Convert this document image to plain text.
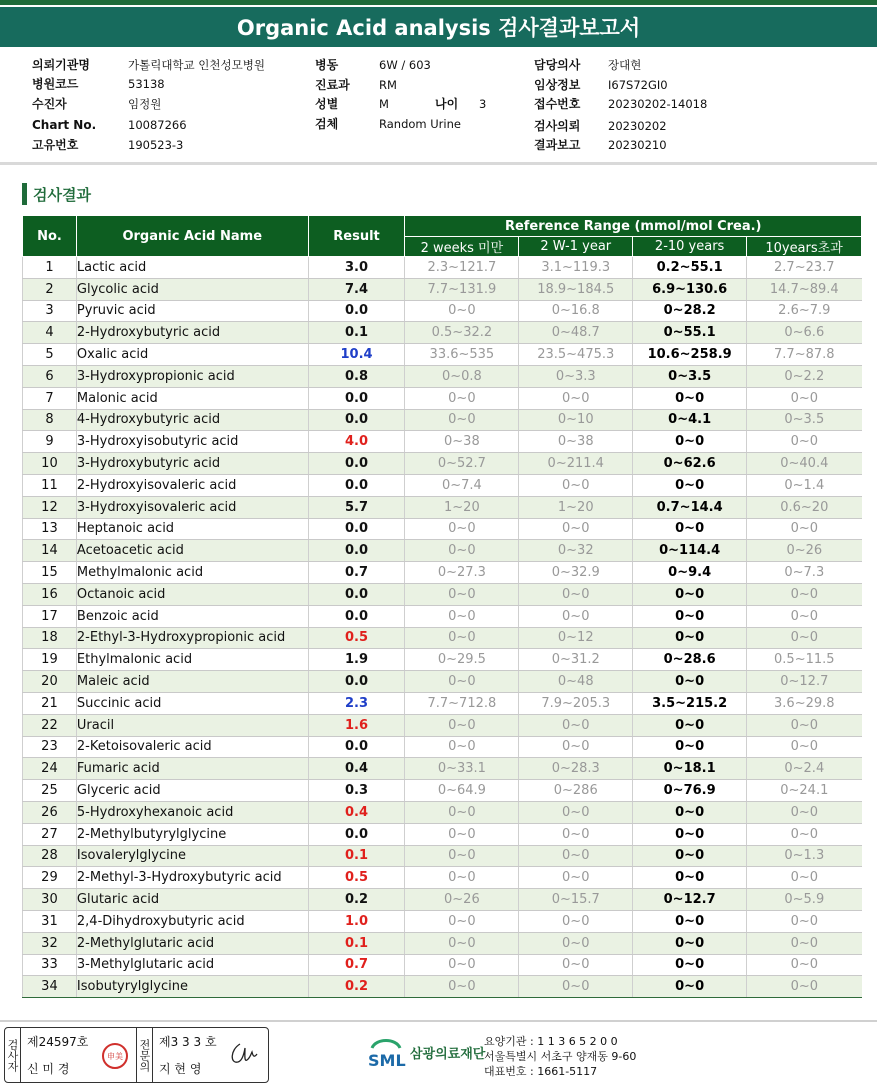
Organic Acid analysis 검사결과보고서
의뢰기관명	가톨릭대학교 인천성모병원
병원코드	53138
수진자	임정원
Chart No.	10087266
고유번호	190523-3
병동	6W / 603
진료과	RM
성별	M	나이	3
검체	Random Urine
담당의사	장대현
임상정보	I67S72GI0
접수번호	20230202-14018
검사의뢰	20230202
결과보고	20230210
검사결과
No.	Organic Acid Name	Result	Reference Range (mmol/mol Crea.)			
			2 weeks 미만	2 W-1 year	2-10 years	10years초과
1	Lactic acid	3.0	2.3~121.7	3.1~119.3	0.2~55.1	2.7~23.7
2	Glycolic acid	7.4	7.7~131.9	18.9~184.5	6.9~130.6	14.7~89.4
3	Pyruvic acid	0.0	0~0	0~16.8	0~28.2	2.6~7.9
4	2-Hydroxybutyric acid	0.1	0.5~32.2	0~48.7	0~55.1	0~6.6
5	Oxalic acid	10.4	33.6~535	23.5~475.3	10.6~258.9	7.7~87.8
6	3-Hydroxypropionic acid	0.8	0~0.8	0~3.3	0~3.5	0~2.2
7	Malonic acid	0.0	0~0	0~0	0~0	0~0
8	4-Hydroxybutyric acid	0.0	0~0	0~10	0~4.1	0~3.5
9	3-Hydroxyisobutyric acid	4.0	0~38	0~38	0~0	0~0
10	3-Hydroxybutyric acid	0.0	0~52.7	0~211.4	0~62.6	0~40.4
11	2-Hydroxyisovaleric acid	0.0	0~7.4	0~0	0~0	0~1.4
12	3-Hydroxyisovaleric acid	5.7	1~20	1~20	0.7~14.4	0.6~20
13	Heptanoic acid	0.0	0~0	0~0	0~0	0~0
14	Acetoacetic acid	0.0	0~0	0~32	0~114.4	0~26
15	Methylmalonic acid	0.7	0~27.3	0~32.9	0~9.4	0~7.3
16	Octanoic acid	0.0	0~0	0~0	0~0	0~0
17	Benzoic acid	0.0	0~0	0~0	0~0	0~0
18	2-Ethyl-3-Hydroxypropionic acid	0.5	0~0	0~12	0~0	0~0
19	Ethylmalonic acid	1.9	0~29.5	0~31.2	0~28.6	0.5~11.5
20	Maleic acid	0.0	0~0	0~48	0~0	0~12.7
21	Succinic acid	2.3	7.7~712.8	7.9~205.3	3.5~215.2	3.6~29.8
22	Uracil	1.6	0~0	0~0	0~0	0~0
23	2-Ketoisovaleric acid	0.0	0~0	0~0	0~0	0~0
24	Fumaric acid	0.4	0~33.1	0~28.3	0~18.1	0~2.4
25	Glyceric acid	0.3	0~64.9	0~286	0~76.9	0~24.1
26	5-Hydroxyhexanoic acid	0.4	0~0	0~0	0~0	0~0
27	2-Methylbutyrylglycine	0.0	0~0	0~0	0~0	0~0
28	Isovalerylglycine	0.1	0~0	0~0	0~0	0~1.3
29	2-Methyl-3-Hydroxybutyric acid	0.5	0~0	0~0	0~0	0~0
30	Glutaric acid	0.2	0~26	0~15.7	0~12.7	0~5.9
31	2,4-Dihydroxybutyric acid	1.0	0~0	0~0	0~0	0~0
32	2-Methylglutaric acid	0.1	0~0	0~0	0~0	0~0
33	3-Methylglutaric acid	0.7	0~0	0~0	0~0	0~0
34	Isobutyrylglycine	0.2	0~0	0~0	0~0	0~0
검사자 제24597호
신 미 경
申美	전문의 제3 3 3 호
지 현 영	SML 삼광의료재단
요양기관 : 1 1 3 6 5 2 0 0
서울특별시 서초구 양재동 9-60
대표번호 : 1661-5117
